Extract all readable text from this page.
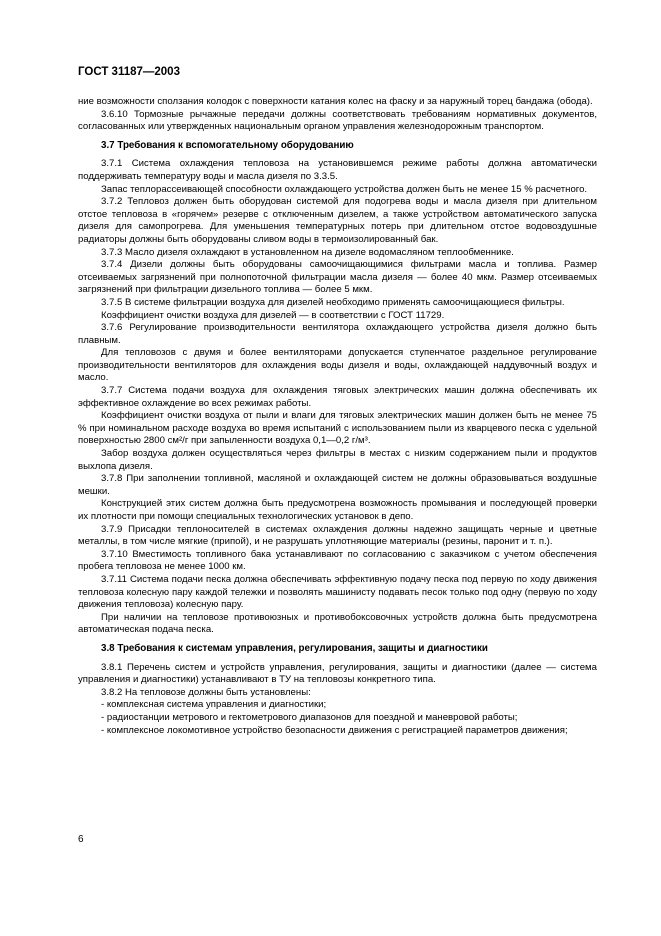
ГОСТ 31187—2003

ние возможности сползания колодок с поверхности катания колес на фаску и за наружный торец бандажа (обода).

3.6.10 Тормозные рычажные передачи должны соответствовать требованиям нормативных документов, согласованных или утвержденных национальным органом управления железнодорожным транспортом.

3.7 Требования к вспомогательному оборудованию

3.7.1 Система охлаждения тепловоза на установившемся режиме работы должна автоматически поддерживать температуру воды и масла дизеля по 3.3.5.

Запас теплорассеивающей способности охлаждающего устройства должен быть не менее 15 % расчетного.

3.7.2 Тепловоз должен быть оборудован системой для подогрева воды и масла дизеля при длительном отстое тепловоза в «горячем» резерве с отключенным дизелем, а также устройством автоматического запуска дизеля для самопрогрева. Для уменьшения температурных потерь при длительном отстое водовоздушные радиаторы должны быть оборудованы сливом воды в термоизолированный бак.

3.7.3 Масло дизеля охлаждают в установленном на дизеле водомасляном теплообменнике.

3.7.4 Дизели должны быть оборудованы самоочищающимися фильтрами масла и топлива. Размер отсеиваемых загрязнений при полнопоточной фильтрации масла дизеля — более 40 мкм. Размер отсеиваемых загрязнений при фильтрации дизельного топлива — более 5 мкм.

3.7.5 В системе фильтрации воздуха для дизелей необходимо применять самоочищающиеся фильтры.

Коэффициент очистки воздуха для дизелей — в соответствии с ГОСТ 11729.

3.7.6 Регулирование производительности вентилятора охлаждающего устройства дизеля должно быть плавным.

Для тепловозов с двумя и более вентиляторами допускается ступенчатое раздельное регулирование производительности вентиляторов для охлаждения воды дизеля и воды, охлаждающей наддувочный воздух и масло.

3.7.7 Система подачи воздуха для охлаждения тяговых электрических машин должна обеспечивать их эффективное охлаждение во всех режимах работы.

Коэффициент очистки воздуха от пыли и влаги для тяговых электрических машин должен быть не менее 75 % при номинальном расходе воздуха во время испытаний с использованием пыли из кварцевого песка с удельной поверхностью 2800 см²/г при запыленности воздуха 0,1—0,2 г/м³.

Забор воздуха должен осуществляться через фильтры в местах с низким содержанием пыли и продуктов выхлопа дизеля.

3.7.8 При заполнении топливной, масляной и охлаждающей систем не должны образовываться воздушные мешки.

Конструкцией этих систем должна быть предусмотрена возможность промывания и последующей проверки их плотности при помощи специальных технологических установок в депо.

3.7.9 Присадки теплоносителей в системах охлаждения должны надежно защищать черные и цветные металлы, в том числе мягкие (припой), и не разрушать уплотняющие материалы (резины, паронит и т. п.).

3.7.10 Вместимость топливного бака устанавливают по согласованию с заказчиком с учетом обеспечения пробега тепловоза не менее 1000 км.

3.7.11 Система подачи песка должна обеспечивать эффективную подачу песка под первую по ходу движения тепловоза колесную пару каждой тележки и позволять машинисту подавать песок только под одну (первую по ходу движения тепловоза) колесную пару.

При наличии на тепловозе противоюзных и противобоксовочных устройств должна быть предусмотрена автоматическая подача песка.

3.8 Требования к системам управления, регулирования, защиты и диагностики

3.8.1 Перечень систем и устройств управления, регулирования, защиты и диагностики (далее — система управления и диагностики) устанавливают в ТУ на тепловозы конкретного типа.

3.8.2 На тепловозе должны быть установлены:

- комплексная система управления и диагностики;

- радиостанции метрового и гектометрового диапазонов для поездной и маневровой работы;

- комплексное локомотивное устройство безопасности движения с регистрацией параметров движения;

6
